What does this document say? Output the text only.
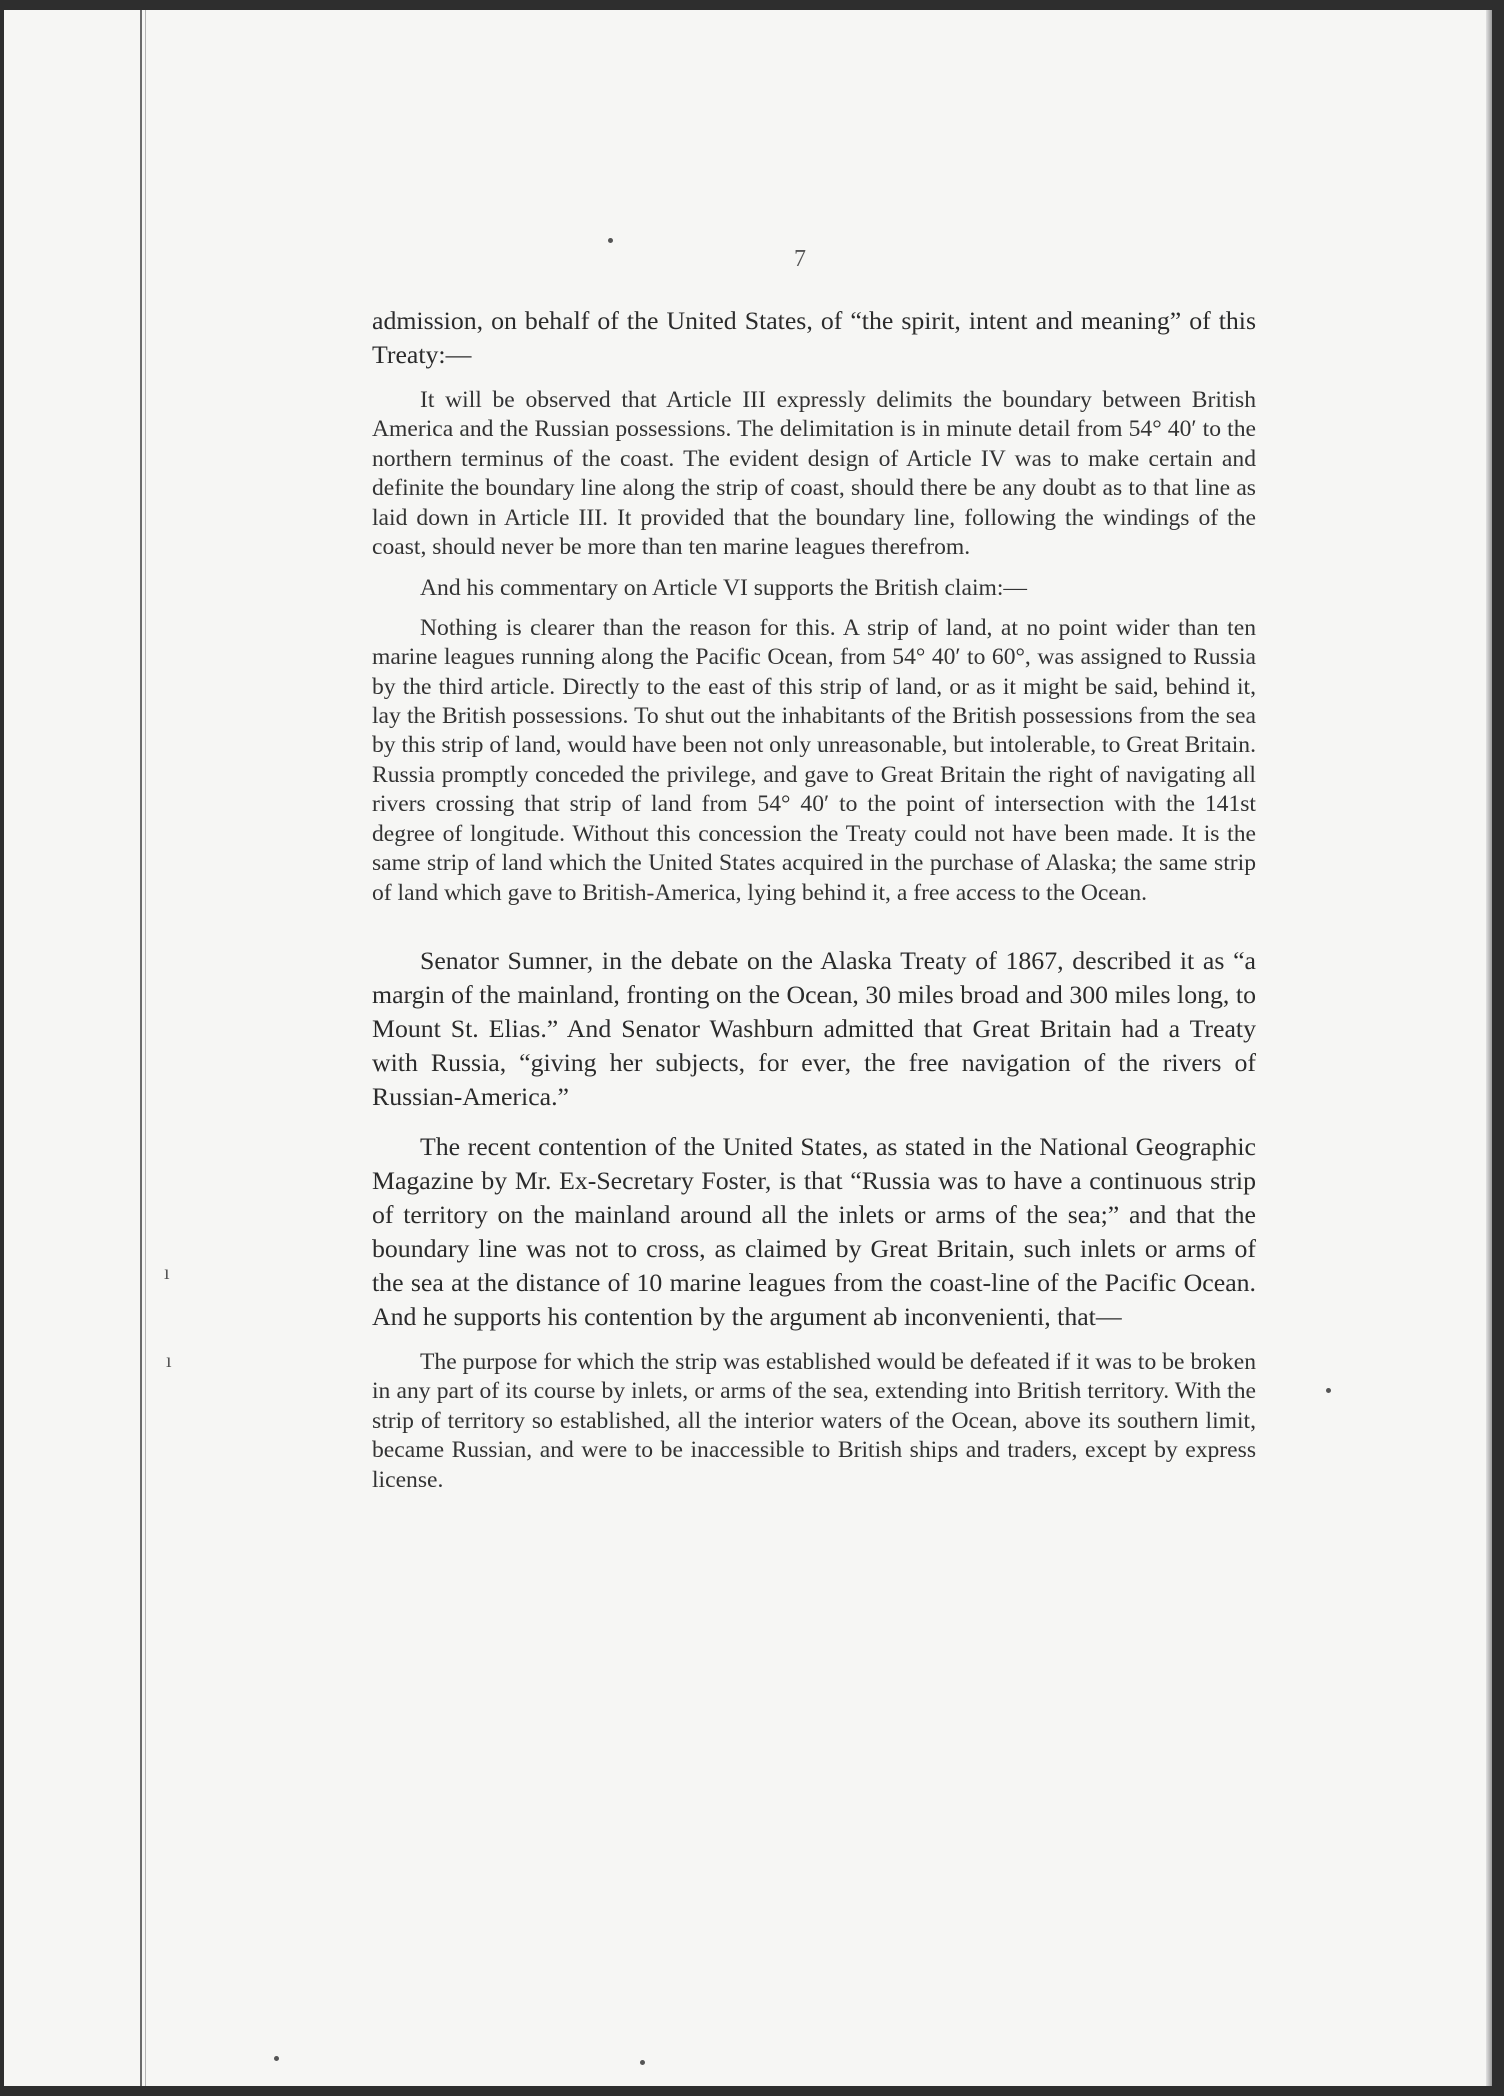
ı
ı
7

admission, on behalf of the United States, of “the spirit, intent and meaning” of this Treaty:—

It will be observed that Article III expressly delimits the boundary between British America and the Russian possessions. The delimitation is in minute detail from 54° 40′ to the northern terminus of the coast. The evident design of Article IV was to make certain and definite the boundary line along the strip of coast, should there be any doubt as to that line as laid down in Article III. It provided that the boundary line, following the windings of the coast, should never be more than ten marine leagues therefrom.

And his commentary on Article VI supports the British claim:—

Nothing is clearer than the reason for this. A strip of land, at no point wider than ten marine leagues running along the Pacific Ocean, from 54° 40′ to 60°, was assigned to Russia by the third article. Directly to the east of this strip of land, or as it might be said, behind it, lay the British possessions. To shut out the inhabitants of the British possessions from the sea by this strip of land, would have been not only unreasonable, but intolerable, to Great Britain. Russia promptly conceded the privilege, and gave to Great Britain the right of navigating all rivers crossing that strip of land from 54° 40′ to the point of intersection with the 141st degree of longitude. Without this concession the Treaty could not have been made. It is the same strip of land which the United States acquired in the purchase of Alaska; the same strip of land which gave to British-America, lying behind it, a free access to the Ocean.

Senator Sumner, in the debate on the Alaska Treaty of 1867, described it as “a margin of the mainland, fronting on the Ocean, 30 miles broad and 300 miles long, to Mount St. Elias.” And Senator Washburn admitted that Great Britain had a Treaty with Russia, “giving her subjects, for ever, the free navigation of the rivers of Russian-America.”

The recent contention of the United States, as stated in the National Geographic Magazine by Mr. Ex-Secretary Foster, is that “Russia was to have a continuous strip of territory on the mainland around all the inlets or arms of the sea;” and that the boundary line was not to cross, as claimed by Great Britain, such inlets or arms of the sea at the distance of 10 marine leagues from the coast-line of the Pacific Ocean. And he supports his contention by the argument ab inconvenienti, that—

The purpose for which the strip was established would be defeated if it was to be broken in any part of its course by inlets, or arms of the sea, extending into British territory. With the strip of territory so established, all the interior waters of the Ocean, above its southern limit, became Russian, and were to be inaccessible to British ships and traders, except by express license.
